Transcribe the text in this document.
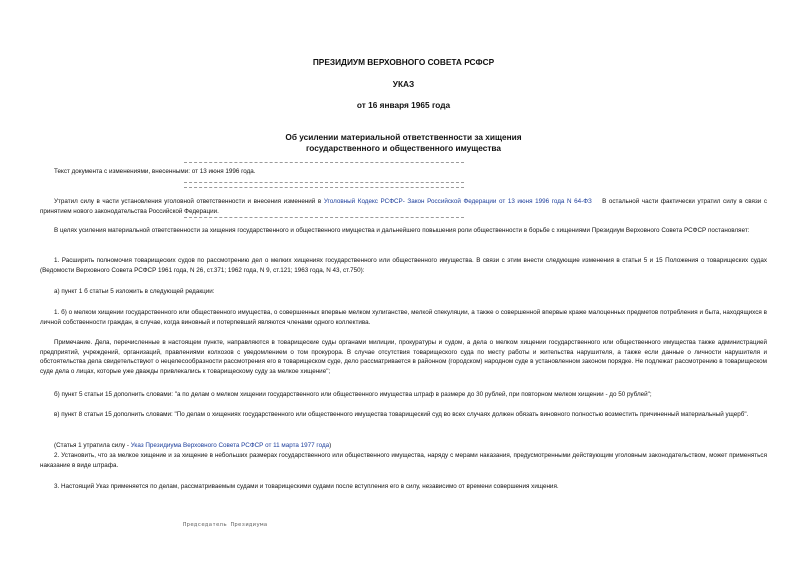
ПРЕЗИДИУМ ВЕРХОВНОГО СОВЕТА РСФСР
УКАЗ
от 16 января 1965 года
Об усилении материальной ответственности за хищения
государственного и общественного имущества

Текст документа с изменениями, внесенными: от 13 июня 1996 года.

Утратил силу в части установления уголовной ответственности и внесения изменений в Уголовный Кодекс РСФСР- Закон Российской Федерации от 13 июня 1996 года N 64-ФЗ В остальной части фактически утратил силу в связи с принятием нового законодательства Российской Федерации.

В целях усиления материальной ответственности за хищения государственного и общественного имущества и дальнейшего повышения роли общественности в борьбе с хищениями Президиум Верховного Совета РСФСР постановляет:

1. Расширить полномочия товарищеских судов по рассмотрению дел о мелких хищениях государственного или общественного имущества. В связи с этим внести следующие изменения в статьи 5 и 15 Положения о товарищеских судах (Ведомости Верховного Совета РСФСР 1961 года, N 26, ст.371; 1962 года, N 9, ст.121; 1963 года, N 43, ст.750):

а) пункт 1 б статьи 5 изложить в следующей редакции:

1. б) о мелком хищении государственного или общественного имущества, о совершенных впервые мелком хулиганстве, мелкой спекуляции, а также о совершенной впервые краже малоценных предметов потребления и быта, находящихся в личной собственности граждан, в случае, когда виновный и потерпевший являются членами одного коллектива.

Примечание. Дела, перечисленные в настоящем пункте, направляются в товарищеские суды органами милиции, прокуратуры и судом, а дела о мелком хищении государственного или общественного имущества также администрацией предприятий, учреждений, организаций, правлениями колхозов с уведомлением о том прокурора. В случае отсутствия товарищеского суда по месту работы и жительства нарушителя, а также если данные о личности нарушителя и обстоятельства дела свидетельствуют о нецелесообразности рассмотрения его в товарищеском суде, дело рассматривается в районном (городском) народном суде в установленном законом порядке. Не подлежат рассмотрению в товарищеском суде дела о лицах, которые уже дважды привлекались к товарищескому суду за мелкое хищение";

б) пункт 5 статьи 15 дополнить словами: "а по делам о мелком хищении государственного или общественного имущества штраф в размере до 30 рублей, при повторном мелком хищении - до 50 рублей";

в) пункт 8 статьи 15 дополнить словами: "По делам о хищениях государственного или общественного имущества товарищеский суд во всех случаях должен обязать виновного полностью возместить причиненный материальный ущерб".

(Статья 1 утратила силу - Указ Президиума Верховного Совета РСФСР от 11 марта 1977 года)

2. Установить, что за мелкое хищение и за хищение в небольших размерах государственного или общественного имущества, наряду с мерами наказания, предусмотренными действующим уголовным законодательством, может применяться наказание в виде штрафа.

3. Настоящий Указ применяется по делам, рассматриваемым судами и товарищескими судами после вступления его в силу, независимо от времени совершения хищения.

Председатель Президиума
